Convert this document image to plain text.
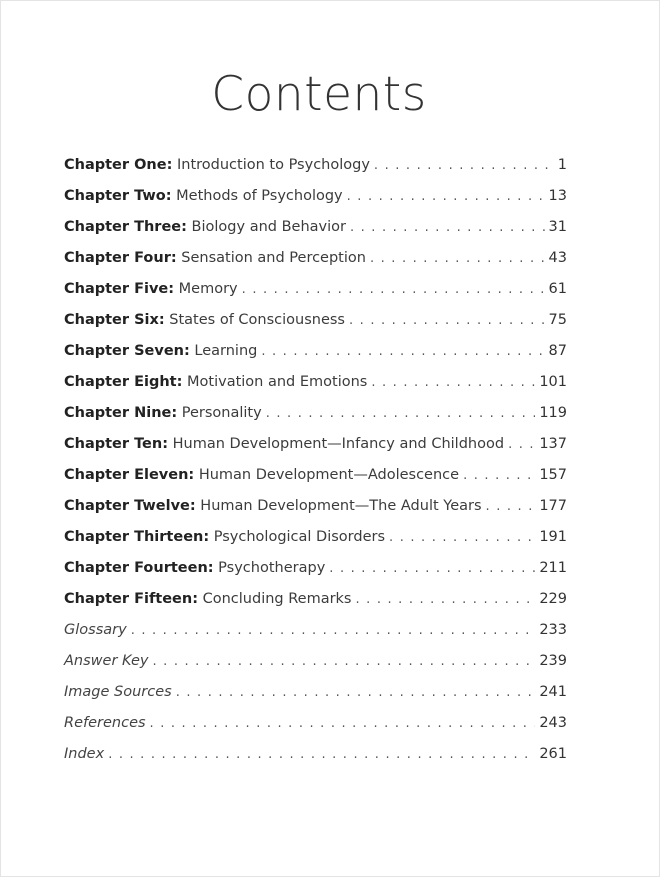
Contents
Chapter One: Introduction to Psychology . . .	1
Chapter Two: Methods of Psychology . . .	13
Chapter Three: Biology and Behavior . . .	31
Chapter Four: Sensation and Perception . . .	43
Chapter Five: Memory . . .	61
Chapter Six: States of Consciousness . . .	75
Chapter Seven: Learning . . .	87
Chapter Eight: Motivation and Emotions . . .	101
Chapter Nine: Personality . . .	119
Chapter Ten: Human Development—Infancy and Childhood . . . 137
Chapter Eleven: Human Development—Adolescence . . .	157
Chapter Twelve: Human Development—The Adult Years . . .	177
Chapter Thirteen: Psychological Disorders . . .	191
Chapter Fourteen: Psychotherapy . . .	211
Chapter Fifteen: Concluding Remarks . . .	229
Glossary . . .	233
Answer Key . . .	239
Image Sources . . .	241
References . . .	243
Index . . .	261
